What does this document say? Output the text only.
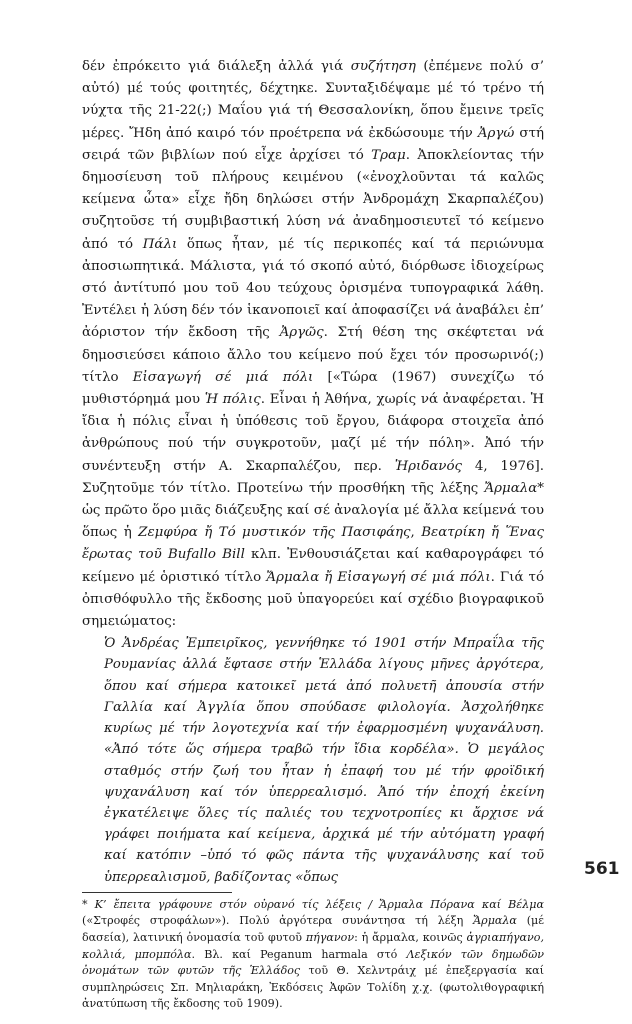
δέν ἐπρόκειτο γιά διάλεξη ἀλλά γιά συζήτηση (ἐπέμενε πολύ σ’ αὐτό) μέ τούς φοιτητές, δέχτηκε. Συνταξιδέψαμε μέ τό τρένο τή νύχτα τῆς 21-22(;) Μαΐου γιά τή Θεσσαλονίκη, ὅπου ἔμεινε τρεῖς μέρες. Ἤδη ἀπό καιρό τόν προέτρεπα νά ἐκδώσουμε τήν Ἀργώ στή σειρά τῶν βιβλίων πού εἶχε ἀρχίσει τό Τραμ. Ἀποκλείοντας τήν δημοσίευση τοῦ πλήρους κειμένου («ἐνοχλοῦνται τά καλῶς κείμενα ὧτα» εἶχε ἤδη δηλώσει στήν Ἀνδρομάχη Σκαρπαλέζου) συζητοῦσε τή συμβιβαστική λύση νά ἀναδημοσιευτεῖ τό κείμενο ἀπό τό Πάλι ὅπως ἦταν, μέ τίς περικοπές καί τά περιώνυμα ἀποσιωπητικά. Μάλιστα, γιά τό σκοπό αὐτό, διόρθωσε ἰδιοχείρως στό ἀντίτυπό μου τοῦ 4ου τεύχους ὁρισμένα τυπογραφικά λάθη. Ἐντέλει ἡ λύση δέν τόν ἱκανοποιεῖ καί ἀποφασίζει νά ἀναβάλει ἐπ’ ἀόριστον τήν ἔκδοση τῆς Ἀργῶς. Στή θέση της σκέφτεται νά δημοσιεύσει κάποιο ἄλλο του κείμενο πού ἔχει τόν προσωρινό(;) τίτλο Εἰσαγωγή σέ μιά πόλι [«Τώρα (1967) συνεχίζω τό μυθιστόρημά μου Ἡ πόλις. Εἶναι ἡ Ἀθήνα, χωρίς νά ἀναφέρεται. Ἡ ἴδια ἡ πόλις εἶναι ἡ ὑπόθεσις τοῦ ἔργου, διάφορα στοιχεῖα ἀπό ἀνθρώπους πού τήν συγκροτοῦν, μαζί μέ τήν πόλη». Ἀπό τήν συνέντευξη στήν Α. Σκαρπαλέζου, περ. Ἠριδανός 4, 1976]. Συζητοῦμε τόν τίτλο. Προτείνω τήν προσθήκη τῆς λέξης Ἄρμαλα* ὡς πρῶτο ὅρο μιᾶς διάζευξης καί σέ ἀναλογία μέ ἄλλα κείμενά του ὅπως ἡ Ζεμφύρα ἤ Τό μυστικόν τῆς Πασιφάης, Βεατρίκη ἤ Ἕνας ἔρωτας τοῦ Bufallo Bill κλπ. Ἐνθουσιάζεται καί καθαρογράφει τό κείμενο μέ ὁριστικό τίτλο Ἄρμαλα ἤ Εἰσαγωγή σέ μιά πόλι. Γιά τό ὀπισθόφυλλο τῆς ἔκδοσης μοῦ ὑπαγορεύει καί σχέδιο βιογραφικοῦ σημειώματος:

Ὁ Ἀνδρέας Ἐμπειρῖκος, γεννήθηκε τό 1901 στήν Μπραΐλα τῆς Ρουμανίας ἀλλά ἔφτασε στήν Ἑλλάδα λίγους μῆνες ἀργότερα, ὅπου καί σήμερα κατοικεῖ μετά ἀπό πολυετῆ ἀπουσία στήν Γαλλία καί Ἀγγλία ὅπου σπούδασε φιλολογία. Ἀσχολήθηκε κυρίως μέ τήν λογοτεχνία καί τήν ἐφαρμοσμένη ψυχανάλυση. «Ἀπό τότε ὥς σήμερα τραβῶ τήν ἴδια κορδέλα». Ὁ μεγάλος σταθμός στήν ζωή του ἦταν ἡ ἐπαφή του μέ τήν φροϊδική ψυχανάλυση καί τόν ὑπερρεαλισμό. Ἀπό τήν ἐποχή ἐκείνη ἐγκατέλειψε ὅλες τίς παλιές του τεχνοτροπίες κι ἄρχισε νά γράφει ποιήματα καί κείμενα, ἀρχικά μέ τήν αὐτόματη γραφή καί κατόπιν –ὑπό τό φῶς πάντα τῆς ψυχανάλυσης καί τοῦ ὑπερρεαλισμοῦ, βαδίζοντας «ὅπως

* Κ’ ἔπειτα γράφουνε στόν οὐρανό τίς λέξεις / Ἄρμαλα Πόρανα καί Βέλμα («Στροφές στροφάλων»). Πολύ ἀργότερα συνάντησα τή λέξη Ἄρμαλα (μέ δασεία), λατινική ὀνομασία τοῦ φυτοῦ πήγανον: ἡ ἄρμαλα, κοινῶς ἀγριαπήγανο, κολλιά, μπομπόλα. Βλ. καί Peganum harmala στό Λεξικόν τῶν δημωδῶν ὀνομάτων τῶν φυτῶν τῆς Ἑλλάδος τοῦ Θ. Χελντράιχ μέ ἐπεξεργασία καί συμπληρώσεις Σπ. Μηλιαράκη, Ἐκδόσεις Ἀφῶν Τολίδη χ.χ. (φωτολιθογραφική ἀνατύπωση τῆς ἔκδοσης τοῦ 1909).

561
